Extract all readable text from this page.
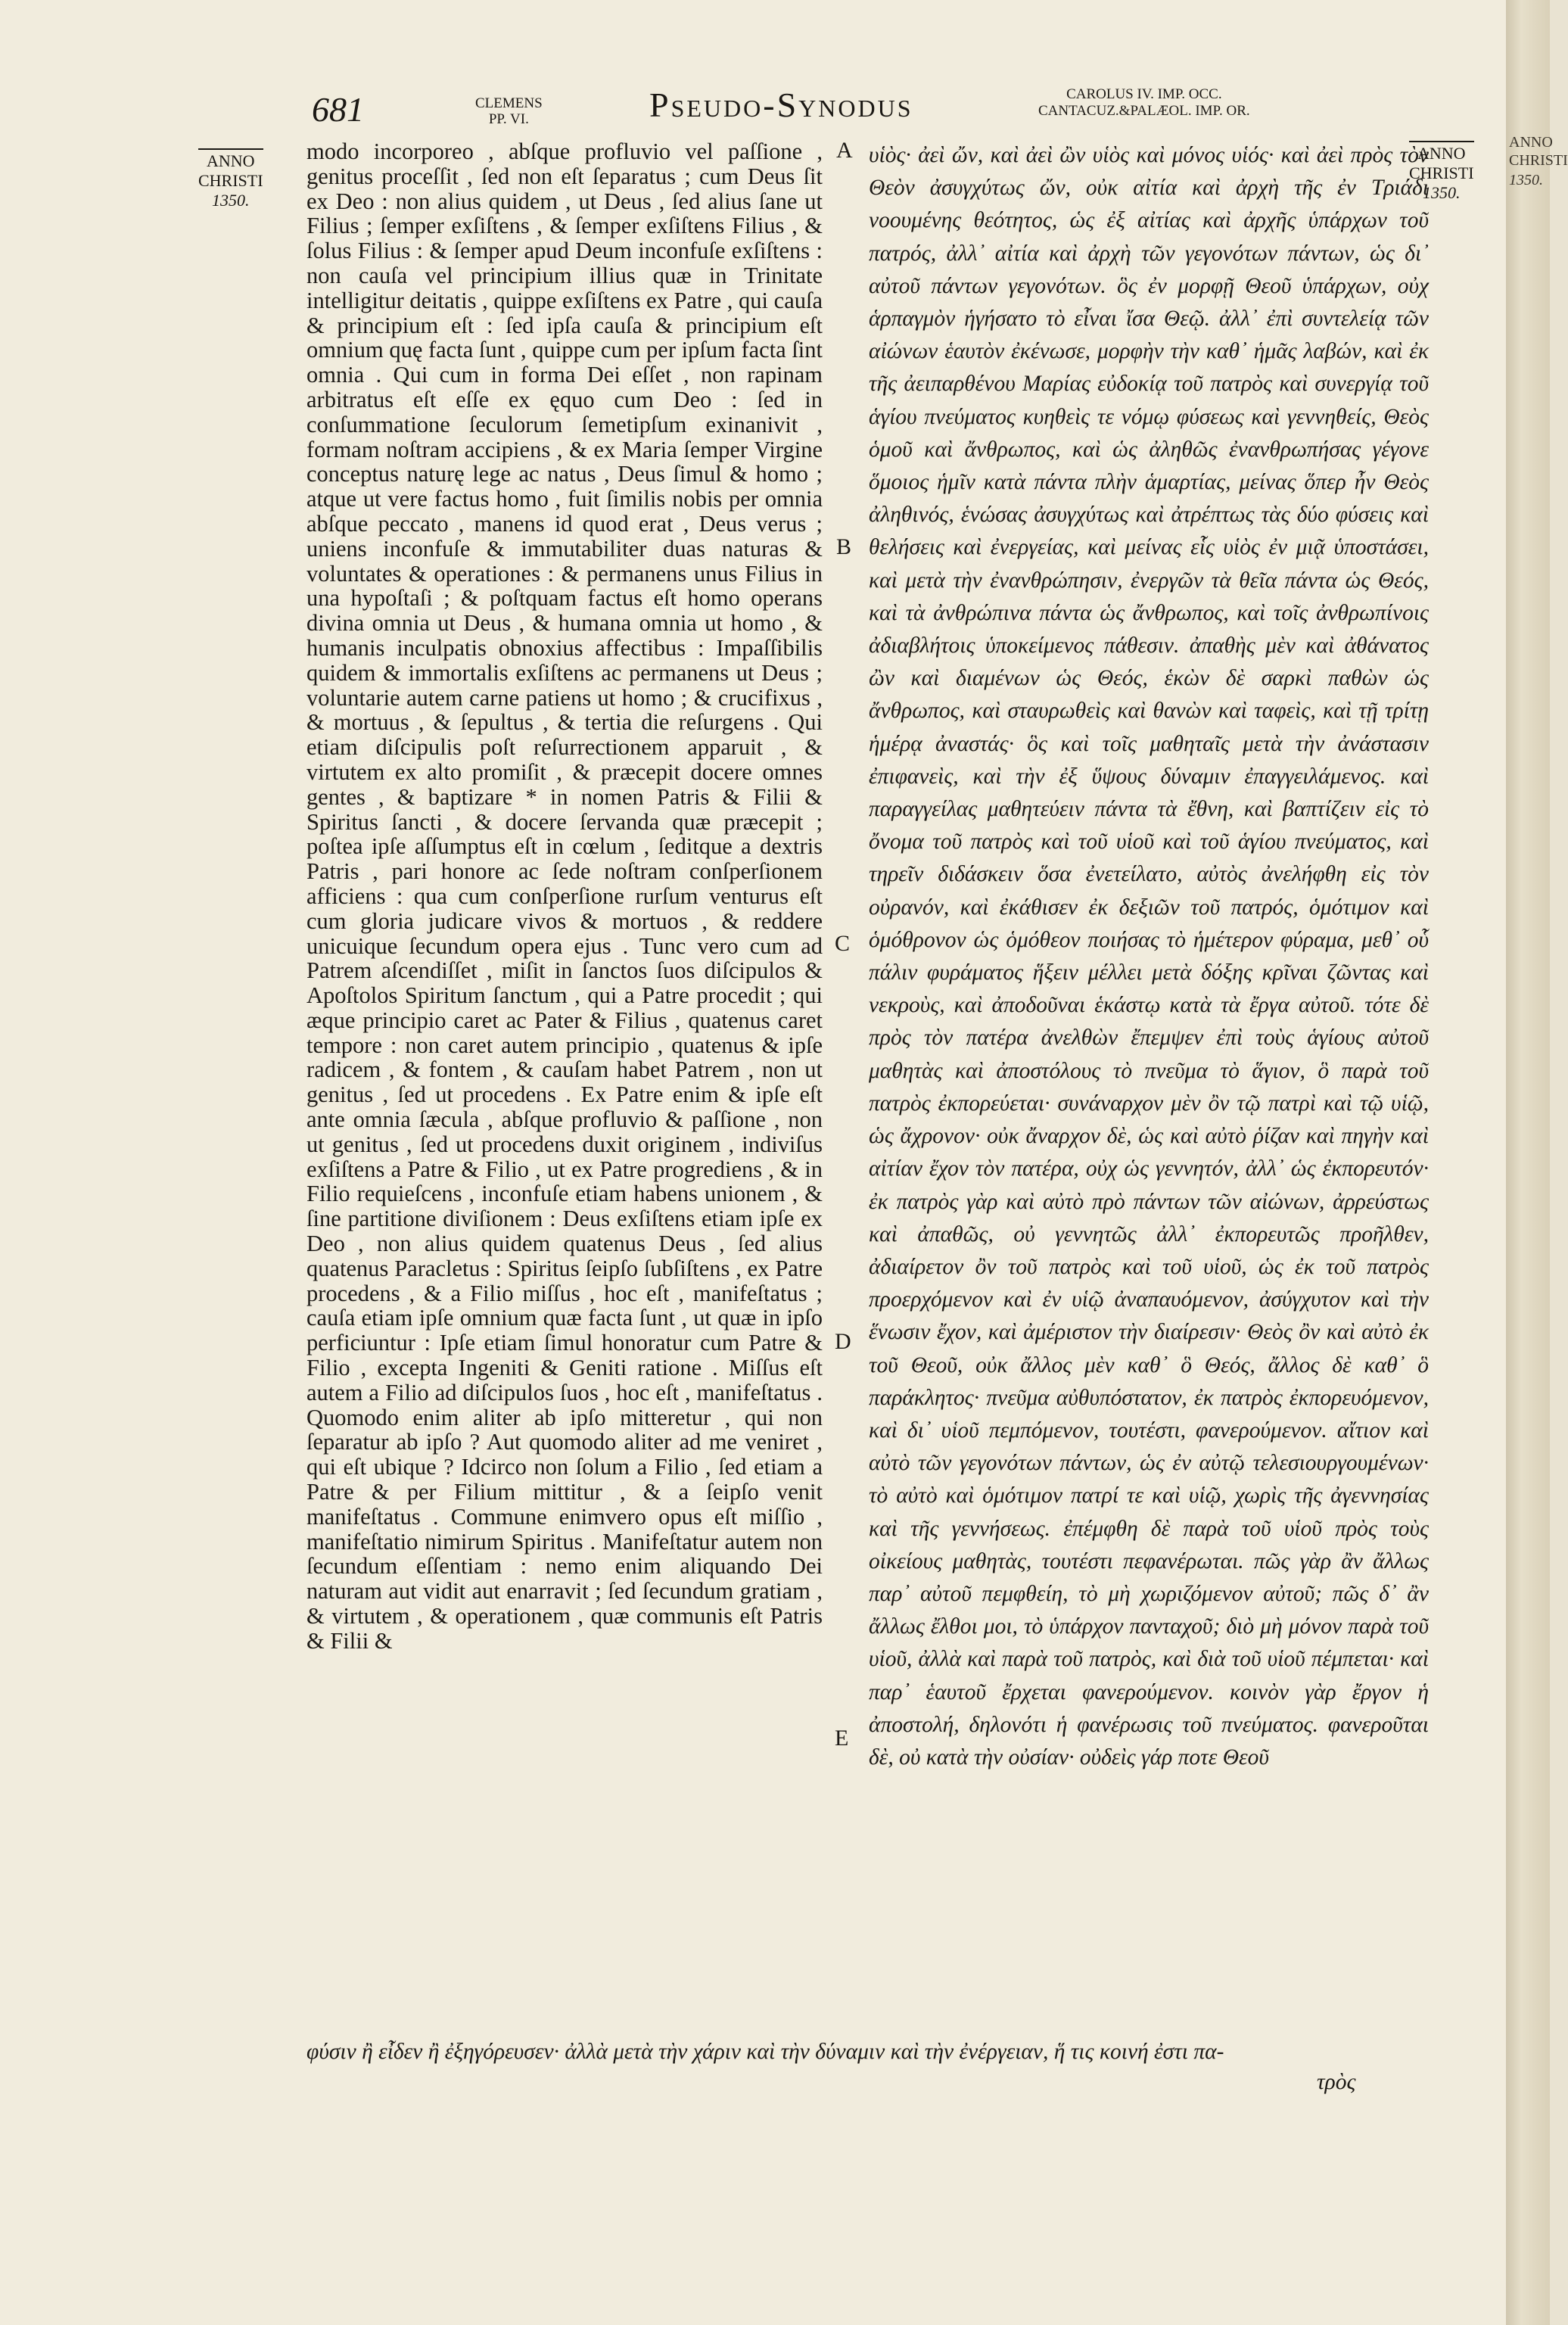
681	CLEMENS
PP. VI.	Pseudo-Synodus	CAROLUS IV. IMP. OCC.
CANTACUZ.&PALÆOL. IMP. OR.
ANNO
CHRISTI
1350.
ANNO
CHRISTI
1350.
A
B
C
D
E
modo incorporeo , abſque profluvio vel paſſione , genitus proceſſit , ſed non eſt ſeparatus ; cum Deus ſit ex Deo : non alius quidem , ut Deus , ſed alius ſane ut Filius ; ſemper exſiſtens , & ſemper exſiſtens Filius , & ſolus Filius : & ſemper apud Deum inconfuſe exſiſtens : non cauſa vel principium illius quæ in Trinitate intelligitur deitatis , quippe exſiſtens ex Patre , qui cauſa & principium eſt : ſed ipſa cauſa & principium eſt omnium quę facta ſunt , quippe cum per ipſum facta ſint omnia . Qui cum in forma Dei eſſet , non rapinam arbitratus eſt eſſe ex ęquo cum Deo : ſed in conſummatione ſeculorum ſemetipſum exinanivit , formam noſtram accipiens , & ex Maria ſemper Virgine conceptus naturę lege ac natus , Deus ſimul & homo ; atque ut vere factus homo , fuit ſimilis nobis per omnia abſque peccato , manens id quod erat , Deus verus ; uniens inconfuſe & immutabiliter duas naturas & voluntates & operationes : & permanens unus Filius in una hypoſtaſi ; & poſtquam factus eſt homo operans divina omnia ut Deus , & humana omnia ut homo , & humanis inculpatis obnoxius affectibus : Impaſſibilis quidem & immortalis exſiſtens ac permanens ut Deus ; voluntarie autem carne patiens ut homo ; & crucifixus , & mortuus , & ſepultus , & tertia die reſurgens . Qui etiam diſcipulis poſt reſurrectionem apparuit , & virtutem ex alto promiſit , & præcepit docere omnes gentes , & baptizare * in nomen Patris & Filii & Spiritus ſancti , & docere ſervanda quæ præcepit ; poſtea ipſe aſſumptus eſt in cœlum , ſeditque a dextris Patris , pari honore ac ſede noſtram conſperſionem afficiens : qua cum conſperſione rurſum venturus eſt cum gloria judicare vivos & mortuos , & reddere unicuique ſecundum opera ejus . Tunc vero cum ad Patrem aſcendiſſet , miſit in ſanctos ſuos diſcipulos & Apoſtolos Spiritum ſanctum , qui a Patre procedit ; qui æque principio caret ac Pater & Filius , quatenus caret tempore : non caret autem principio , quatenus & ipſe radicem , & fontem , & cauſam habet Patrem , non ut genitus , ſed ut procedens . Ex Patre enim & ipſe eſt ante omnia ſæcula , abſque profluvio & paſſione , non ut genitus , ſed ut procedens duxit originem , indiviſus exſiſtens a Patre & Filio , ut ex Patre progrediens , & in Filio requieſcens , inconfuſe etiam habens unionem , & ſine partitione diviſionem : Deus exſiſtens etiam ipſe ex Deo , non alius quidem quatenus Deus , ſed alius quatenus Paracletus : Spiritus ſeipſo ſubſiſtens , ex Patre procedens , & a Filio miſſus , hoc eſt , manifeſtatus ; cauſa etiam ipſe omnium quæ facta ſunt , ut quæ in ipſo perficiuntur : Ipſe etiam ſimul honoratur cum Patre & Filio , excepta Ingeniti & Geniti ratione . Miſſus eſt autem a Filio ad diſcipulos ſuos , hoc eſt , manifeſtatus . Quomodo enim aliter ab ipſo mitteretur , qui non ſeparatur ab ipſo ? Aut quomodo aliter ad me veniret , qui eſt ubique ? Idcirco non ſolum a Filio , ſed etiam a Patre & per Filium mittitur , & a ſeipſo venit manifeſtatus . Commune enimvero opus eſt miſſio , manifeſtatio nimirum Spiritus . Manifeſtatur autem non ſecundum eſſentiam : nemo enim aliquando Dei naturam aut vidit aut enarravit ; ſed ſecundum gratiam , & virtutem , & operationem , quæ communis eſt Patris & Filii &
υἱὸς· ἀεὶ ὤν, καὶ ἀεὶ ὢν υἱὸς καὶ μόνος υἱός· καὶ ἀεὶ πρὸς τὸν Θεὸν ἀσυγχύτως ὤν, οὐκ αἰτία καὶ ἀρχὴ τῆς ἐν Τριάδι νοουμένης θεότητος, ὡς ἐξ αἰτίας καὶ ἀρχῆς ὑπάρχων τοῦ πατρός, ἀλλ᾽ αἰτία καὶ ἀρχὴ τῶν γεγονότων πάντων, ὡς δι᾽ αὐτοῦ πάντων γεγονότων. ὃς ἐν μορφῇ Θεοῦ ὑπάρχων, οὐχ ἁρπαγμὸν ἡγήσατο τὸ εἶναι ἴσα Θεῷ. ἀλλ᾽ ἐπὶ συντελείᾳ τῶν αἰώνων ἑαυτὸν ἐκένωσε, μορφὴν τὴν καθ᾽ ἡμᾶς λαβών, καὶ ἐκ τῆς ἀειπαρθένου Μαρίας εὐδοκίᾳ τοῦ πατρὸς καὶ συνεργίᾳ τοῦ ἁγίου πνεύματος κυηθεὶς τε νόμῳ φύσεως καὶ γεννηθείς, Θεὸς ὁμοῦ καὶ ἄνθρωπος, καὶ ὡς ἀληθῶς ἐνανθρωπήσας γέγονε ὅμοιος ἡμῖν κατὰ πάντα πλὴν ἁμαρτίας, μείνας ὅπερ ἦν Θεὸς ἀληθινός, ἑνώσας ἀσυγχύτως καὶ ἀτρέπτως τὰς δύο φύσεις καὶ θελήσεις καὶ ἐνεργείας, καὶ μείνας εἷς υἱὸς ἐν μιᾷ ὑποστάσει, καὶ μετὰ τὴν ἐνανθρώπησιν, ἐνεργῶν τὰ θεῖα πάντα ὡς Θεός, καὶ τὰ ἀνθρώπινα πάντα ὡς ἄνθρωπος, καὶ τοῖς ἀνθρωπίνοις ἀδιαβλήτοις ὑποκείμενος πάθεσιν. ἀπαθὴς μὲν καὶ ἀθάνατος ὢν καὶ διαμένων ὡς Θεός, ἑκὼν δὲ σαρκὶ παθὼν ὡς ἄνθρωπος, καὶ σταυρωθεὶς καὶ θανὼν καὶ ταφεὶς, καὶ τῇ τρίτῃ ἡμέρᾳ ἀναστάς· ὃς καὶ τοῖς μαθηταῖς μετὰ τὴν ἀνάστασιν ἐπιφανεὶς, καὶ τὴν ἐξ ὕψους δύναμιν ἐπαγγειλάμενος. καὶ παραγγείλας μαθητεύειν πάντα τὰ ἔθνη, καὶ βαπτίζειν εἰς τὸ ὄνομα τοῦ πατρὸς καὶ τοῦ υἱοῦ καὶ τοῦ ἁγίου πνεύματος, καὶ τηρεῖν διδάσκειν ὅσα ἐνετείλατο, αὐτὸς ἀνελήφθη εἰς τὸν οὐρανόν, καὶ ἐκάθισεν ἐκ δεξιῶν τοῦ πατρός, ὁμότιμον καὶ ὁμόθρονον ὡς ὁμόθεον ποιήσας τὸ ἡμέτερον φύραμα, μεθ᾽ οὗ πάλιν φυράματος ἥξειν μέλλει μετὰ δόξης κρῖναι ζῶντας καὶ νεκροὺς, καὶ ἀποδοῦναι ἑκάστῳ κατὰ τὰ ἔργα αὐτοῦ. τότε δὲ πρὸς τὸν πατέρα ἀνελθὼν ἔπεμψεν ἐπὶ τοὺς ἁγίους αὐτοῦ μαθητὰς καὶ ἀποστόλους τὸ πνεῦμα τὸ ἅγιον, ὃ παρὰ τοῦ πατρὸς ἐκπορεύεται· συνάναρχον μὲν ὂν τῷ πατρὶ καὶ τῷ υἱῷ, ὡς ἄχρονον· οὐκ ἄναρχον δὲ, ὡς καὶ αὐτὸ ῥίζαν καὶ πηγὴν καὶ αἰτίαν ἔχον τὸν πατέρα, οὐχ ὡς γεννητόν, ἀλλ᾽ ὡς ἐκπορευτόν· ἐκ πατρὸς γὰρ καὶ αὐτὸ πρὸ πάντων τῶν αἰώνων, ἀρρεύστως καὶ ἀπαθῶς, οὐ γεννητῶς ἀλλ᾽ ἐκπορευτῶς προῆλθεν, ἀδιαίρετον ὂν τοῦ πατρὸς καὶ τοῦ υἱοῦ, ὡς ἐκ τοῦ πατρὸς προερχόμενον καὶ ἐν υἱῷ ἀναπαυόμενον, ἀσύγχυτον καὶ τὴν ἕνωσιν ἔχον, καὶ ἀμέριστον τὴν διαίρεσιν· Θεὸς ὂν καὶ αὐτὸ ἐκ τοῦ Θεοῦ, οὐκ ἄλλος μὲν καθ᾽ ὃ Θεός, ἄλλος δὲ καθ᾽ ὃ παράκλητος· πνεῦμα αὐθυπόστατον, ἐκ πατρὸς ἐκπορευόμενον, καὶ δι᾽ υἱοῦ πεμπόμενον, τουτέστι, φανερούμενον. αἴτιον καὶ αὐτὸ τῶν γεγονότων πάντων, ὡς ἐν αὐτῷ τελεσιουργουμένων· τὸ αὐτὸ καὶ ὁμότιμον πατρί τε καὶ υἱῷ, χωρὶς τῆς ἀγεννησίας καὶ τῆς γεννήσεως. ἐπέμφθη δὲ παρὰ τοῦ υἱοῦ πρὸς τοὺς οἰκείους μαθητὰς, τουτέστι πεφανέρωται. πῶς γὰρ ἂν ἄλλως παρ᾽ αὐτοῦ πεμφθείη, τὸ μὴ χωριζόμενον αὐτοῦ; πῶς δ᾽ ἂν ἄλλως ἔλθοι μοι, τὸ ὑπάρχον πανταχοῦ; διὸ μὴ μόνον παρὰ τοῦ υἱοῦ, ἀλλὰ καὶ παρὰ τοῦ πατρὸς, καὶ διὰ τοῦ υἱοῦ πέμπεται· καὶ παρ᾽ ἑαυτοῦ ἔρχεται φανερούμενον. κοινὸν γὰρ ἔργον ἡ ἀποστολή, δηλονότι ἡ φανέρωσις τοῦ πνεύματος. φανεροῦται δὲ, οὐ κατὰ τὴν οὐσίαν· οὐδεὶς γάρ ποτε Θεοῦ
φύσιν ἢ εἶδεν ἢ ἐξηγόρευσεν· ἀλλὰ μετὰ τὴν χάριν καὶ τὴν δύναμιν καὶ τὴν ἐνέργειαν, ἥ τις κοινή ἐστι πα-
τρὸς
ANNO
CHRISTI
1350.
